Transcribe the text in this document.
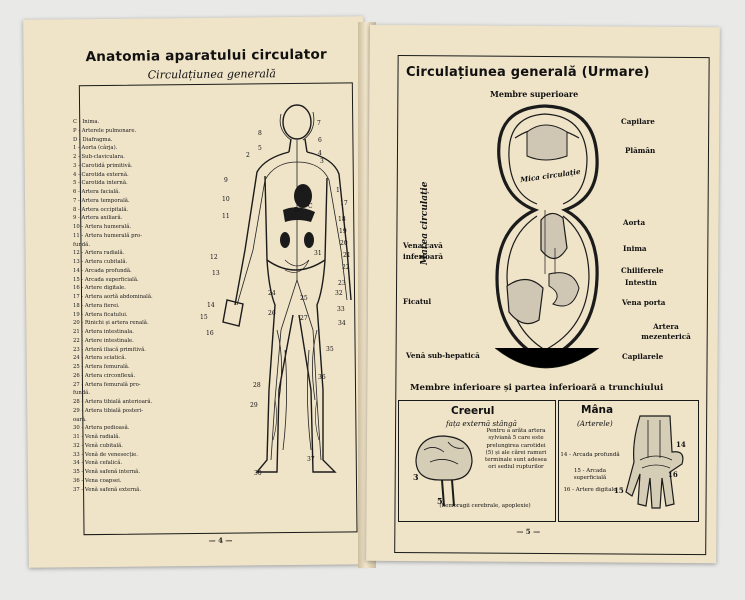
Anatomia aparatului circulator
Circulațiunea generală
— 4 —
C - Inima.
P - Arterele pulmonare.
D - Diafragma.
1 - Aorta (cârja).
2 - Sub-claviculara.
3 - Carotidă primitivă.
4 - Carotida externă.
5 - Carotida internă.
6 - Artera facială.
7 - Artera temporală.
8 - Artera occipitală.
9 - Artera axiliară.
10 - Artera humerală.
11 - Artera humerală pro-
fundă.
12 - Artera radială.
13 - Artera cubitală.
14 - Arcada profundă.
15 - Arcada superficială.
16 - Artere digitale.
17 - Artera aortă abdominală.
18 - Artera fierei.
19 - Artera ficatului.
20 - Rinichi și artera renală.
21 - Artera intestinala.
22 - Artere intestinale.
23 - Arteră iliacă primitivă.
24 - Artera sciatică.
25 - Artera femurală.
26 - Artera circonflexă.
27 - Artera femurală pro-
fundă.
28 - Artera tibială anterioară.
29 - Artera tibială posteri-
oară.
30 - Artera pedioasă.
31 - Venă radială.
32 - Venă cubitală.
33 - Venă de venesecție.
34 - Venă cefalică.
35 - Venă safenă internă.
36 - Vena coapsei.
37 - Venă safenă externă.
8
7
6
5
4
3
2
1
9
10
11
12
13
14
15
16
17
18
19
20
21
22
23
24
25
26
27
28
29
30
31
32
33
34
35
36
37
C
D
P
— 5 —
Circulațiunea generală (Urmare)
Membre superioare
Capilare
Plămân
Mica circulație
Marea circulație	Aorta
Inima
Vena cavă inferioară
Chiliferele
Intestin
Ficatul	Vena porta
Artera mezenterică
Capilarele
Venă sub-hepatică
Membre inferioare și partea inferioară a trunchiului
Creerul
fața externă stângă
3
5
Pentru a arăta artera sylviană 5 care este prelungirea carotidei (5) și ale cărei ramuri terminale sunt adesea ori sediul rupturilor
(hemoragii cerebrale, apoplexie)
Mâna
(Arterele)
14 - Arcada profundă
15 - Arcada superficială
16 - Artere digitale
14
15
16
